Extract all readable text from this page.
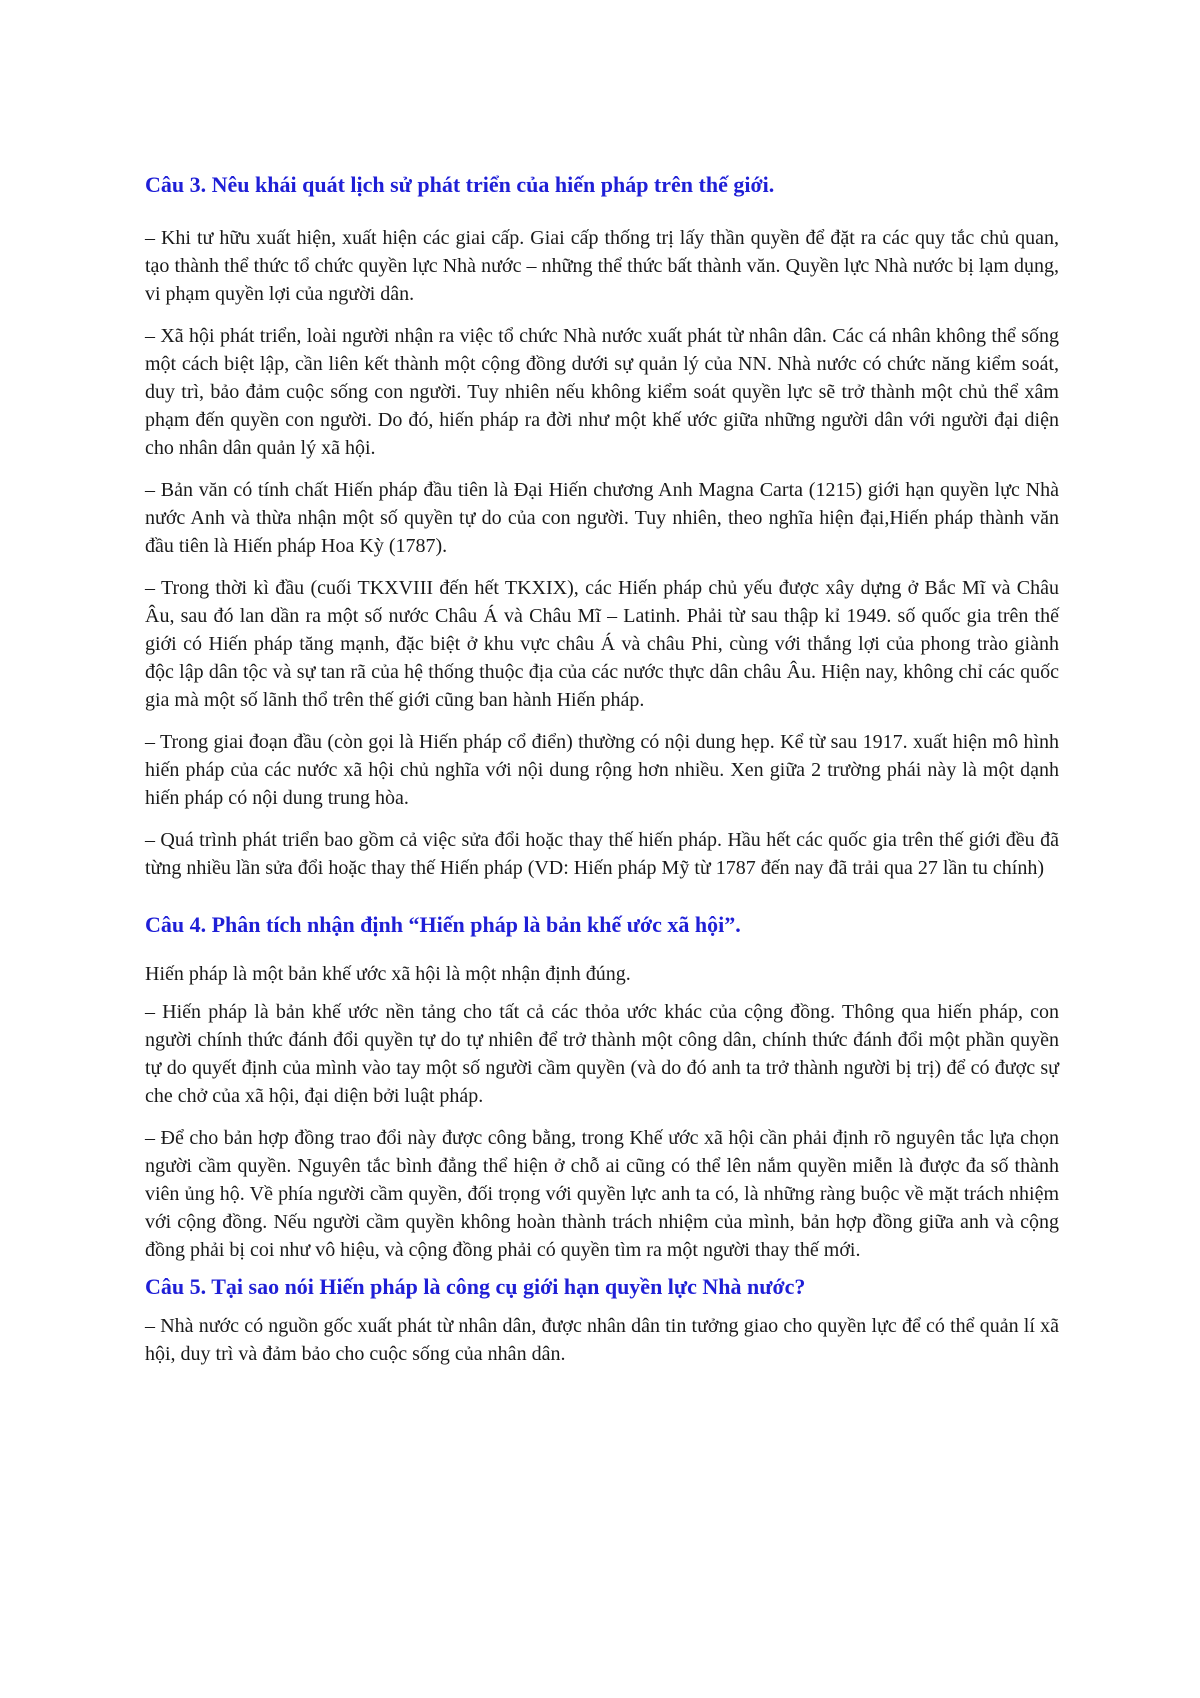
Câu 3. Nêu khái quát lịch sử phát triển của hiến pháp trên thế giới.

– Khi tư hữu xuất hiện, xuất hiện các giai cấp. Giai cấp thống trị lấy thần quyền để đặt ra các quy tắc chủ quan, tạo thành thể thức tổ chức quyền lực Nhà nước – những thể thức bất thành văn. Quyền lực Nhà nước bị lạm dụng, vi phạm quyền lợi của người dân.

– Xã hội phát triển, loài người nhận ra việc tổ chức Nhà nước xuất phát từ nhân dân. Các cá nhân không thể sống một cách biệt lập, cần liên kết thành một cộng đồng dưới sự quản lý của NN. Nhà nước có chức năng kiểm soát, duy trì, bảo đảm cuộc sống con người. Tuy nhiên nếu không kiểm soát quyền lực sẽ trở thành một chủ thể xâm phạm đến quyền con người. Do đó, hiến pháp ra đời như một khế ước giữa những người dân với người đại diện cho nhân dân quản lý xã hội.

– Bản văn có tính chất Hiến pháp đầu tiên là Đại Hiến chương Anh Magna Carta (1215) giới hạn quyền lực Nhà nước Anh và thừa nhận một số quyền tự do của con người. Tuy nhiên, theo nghĩa hiện đại,Hiến pháp thành văn đầu tiên là Hiến pháp Hoa Kỳ (1787).

– Trong thời kì đầu (cuối TKXVIII đến hết TKXIX), các Hiến pháp chủ yếu được xây dựng ở Bắc Mĩ và Châu Âu, sau đó lan dần ra một số nước Châu Á và Châu Mĩ – Latinh. Phải từ sau thập kỉ 1949. số quốc gia trên thế giới có Hiến pháp tăng mạnh, đặc biệt ở khu vực châu Á và châu Phi, cùng với thắng lợi của phong trào giành độc lập dân tộc và sự tan rã của hệ thống thuộc địa của các nước thực dân châu Âu. Hiện nay, không chỉ các quốc gia mà một số lãnh thổ trên thế giới cũng ban hành Hiến pháp.

– Trong giai đoạn đầu (còn gọi là Hiến pháp cổ điển) thường có nội dung hẹp. Kể từ sau 1917. xuất hiện mô hình hiến pháp của các nước xã hội chủ nghĩa với nội dung rộng hơn nhiều. Xen giữa 2 trường phái này là một dạnh hiến pháp có nội dung trung hòa.

– Quá trình phát triển bao gồm cả việc sửa đổi hoặc thay thế hiến pháp. Hầu hết các quốc gia trên thế giới đều đã từng nhiều lần sửa đổi hoặc thay thế Hiến pháp (VD: Hiến pháp Mỹ từ 1787 đến nay đã trải qua 27 lần tu chính)

Câu 4. Phân tích nhận định “Hiến pháp là bản khế ước xã hội”.

Hiến pháp là một bản khế ước xã hội là một nhận định đúng.

– Hiến pháp là bản khế ước nền tảng cho tất cả các thỏa ước khác của cộng đồng. Thông qua hiến pháp, con người chính thức đánh đổi quyền tự do tự nhiên để trở thành một công dân, chính thức đánh đổi một phần quyền tự do quyết định của mình vào tay một số người cầm quyền (và do đó anh ta trở thành người bị trị) để có được sự che chở của xã hội, đại diện bởi luật pháp.

– Để cho bản hợp đồng trao đổi này được công bằng, trong Khế ước xã hội cần phải định rõ nguyên tắc lựa chọn người cầm quyền. Nguyên tắc bình đẳng thể hiện ở chỗ ai cũng có thể lên nắm quyền miễn là được đa số thành viên ủng hộ. Về phía người cầm quyền, đối trọng với quyền lực anh ta có, là những ràng buộc về mặt trách nhiệm với cộng đồng. Nếu người cầm quyền không hoàn thành trách nhiệm của mình, bản hợp đồng giữa anh và cộng đồng phải bị coi như vô hiệu, và cộng đồng phải có quyền tìm ra một người thay thế mới.

Câu 5. Tại sao nói Hiến pháp là công cụ giới hạn quyền lực Nhà nước?

– Nhà nước có nguồn gốc xuất phát từ nhân dân, được nhân dân tin tưởng giao cho quyền lực để có thể quản lí xã hội, duy trì và đảm bảo cho cuộc sống của nhân dân.
